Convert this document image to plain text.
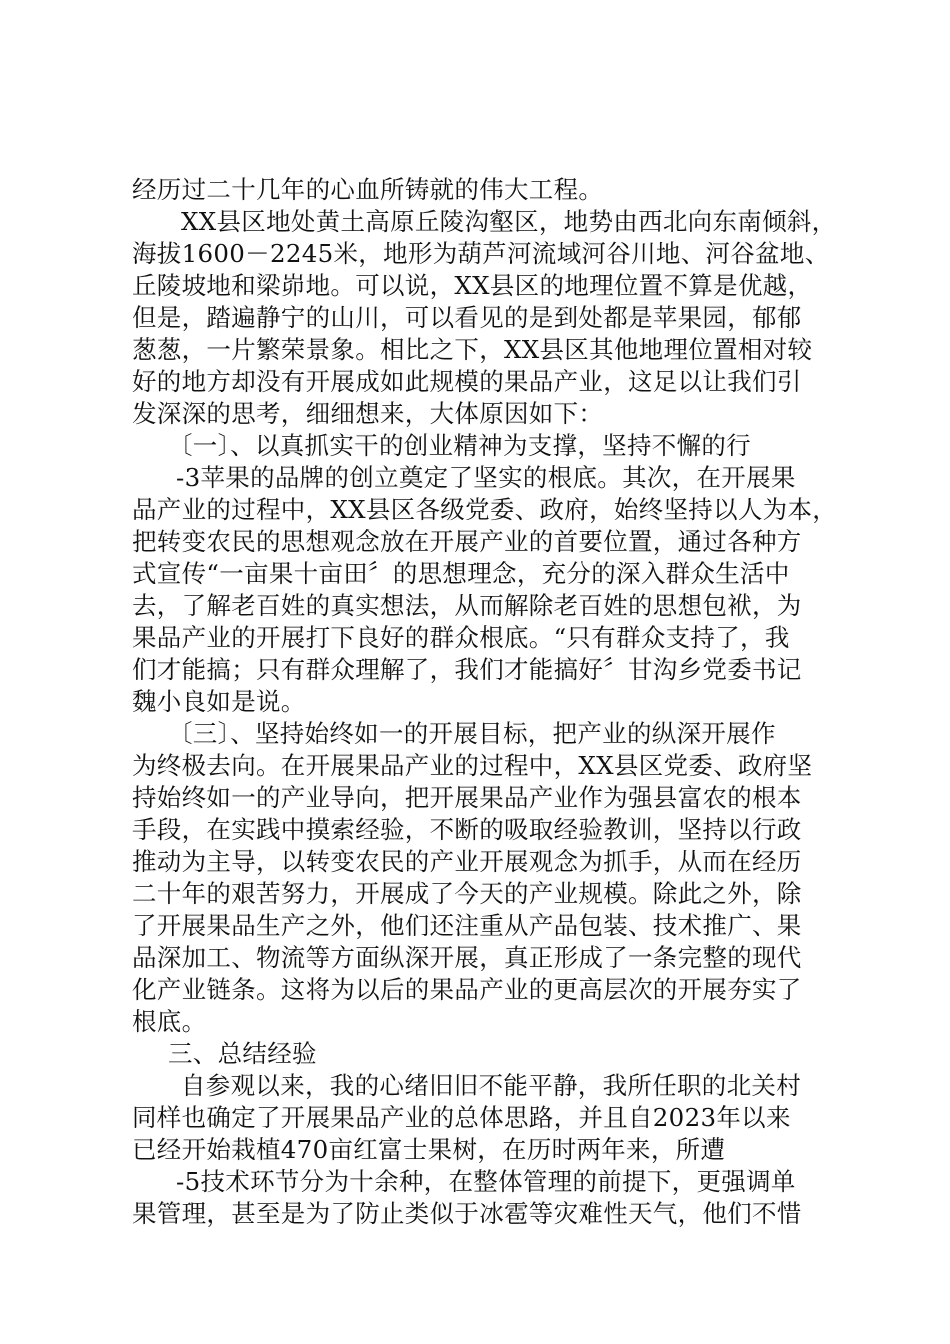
经历过二十几年的心血所铸就的伟大工程。
XX县区地处黄土高原丘陵沟壑区，地势由西北向东南倾斜，
海拔1600－2245米，地形为葫芦河流域河谷川地、河谷盆地、
丘陵坡地和梁峁地。可以说，XX县区的地理位置不算是优越，
但是，踏遍静宁的山川，可以看见的是到处都是苹果园，郁郁
葱葱，一片繁荣景象。相比之下，XX县区其他地理位置相对较
好的地方却没有开展成如此规模的果品产业，这足以让我们引
发深深的思考，细细想来，大体原因如下：
〔一〕、以真抓实干的创业精神为支撑，坚持不懈的行
-3苹果的品牌的创立奠定了坚实的根底。其次，在开展果
品产业的过程中，XX县区各级党委、政府，始终坚持以人为本，
把转变农民的思想观念放在开展产业的首要位置，通过各种方
式宣传“一亩果十亩田〞的思想理念，充分的深入群众生活中
去，了解老百姓的真实想法，从而解除老百姓的思想包袱，为
果品产业的开展打下良好的群众根底。“只有群众支持了，我
们才能搞；只有群众理解了，我们才能搞好〞甘沟乡党委书记
魏小良如是说。
〔三〕、坚持始终如一的开展目标，把产业的纵深开展作
为终极去向。在开展果品产业的过程中，XX县区党委、政府坚
持始终如一的产业导向，把开展果品产业作为强县富农的根本
手段，在实践中摸索经验，不断的吸取经验教训，坚持以行政
推动为主导，以转变农民的产业开展观念为抓手，从而在经历
二十年的艰苦努力，开展成了今天的产业规模。除此之外，除
了开展果品生产之外，他们还注重从产品包装、技术推广、果
品深加工、物流等方面纵深开展，真正形成了一条完整的现代
化产业链条。这将为以后的果品产业的更高层次的开展夯实了
根底。
三、总结经验
自参观以来，我的心绪旧旧不能平静，我所任职的北关村
同样也确定了开展果品产业的总体思路，并且自2023年以来
已经开始栽植470亩红富士果树，在历时两年来，所遭
-5技术环节分为十余种，在整体管理的前提下，更强调单
果管理，甚至是为了防止类似于冰雹等灾难性天气，他们不惜
